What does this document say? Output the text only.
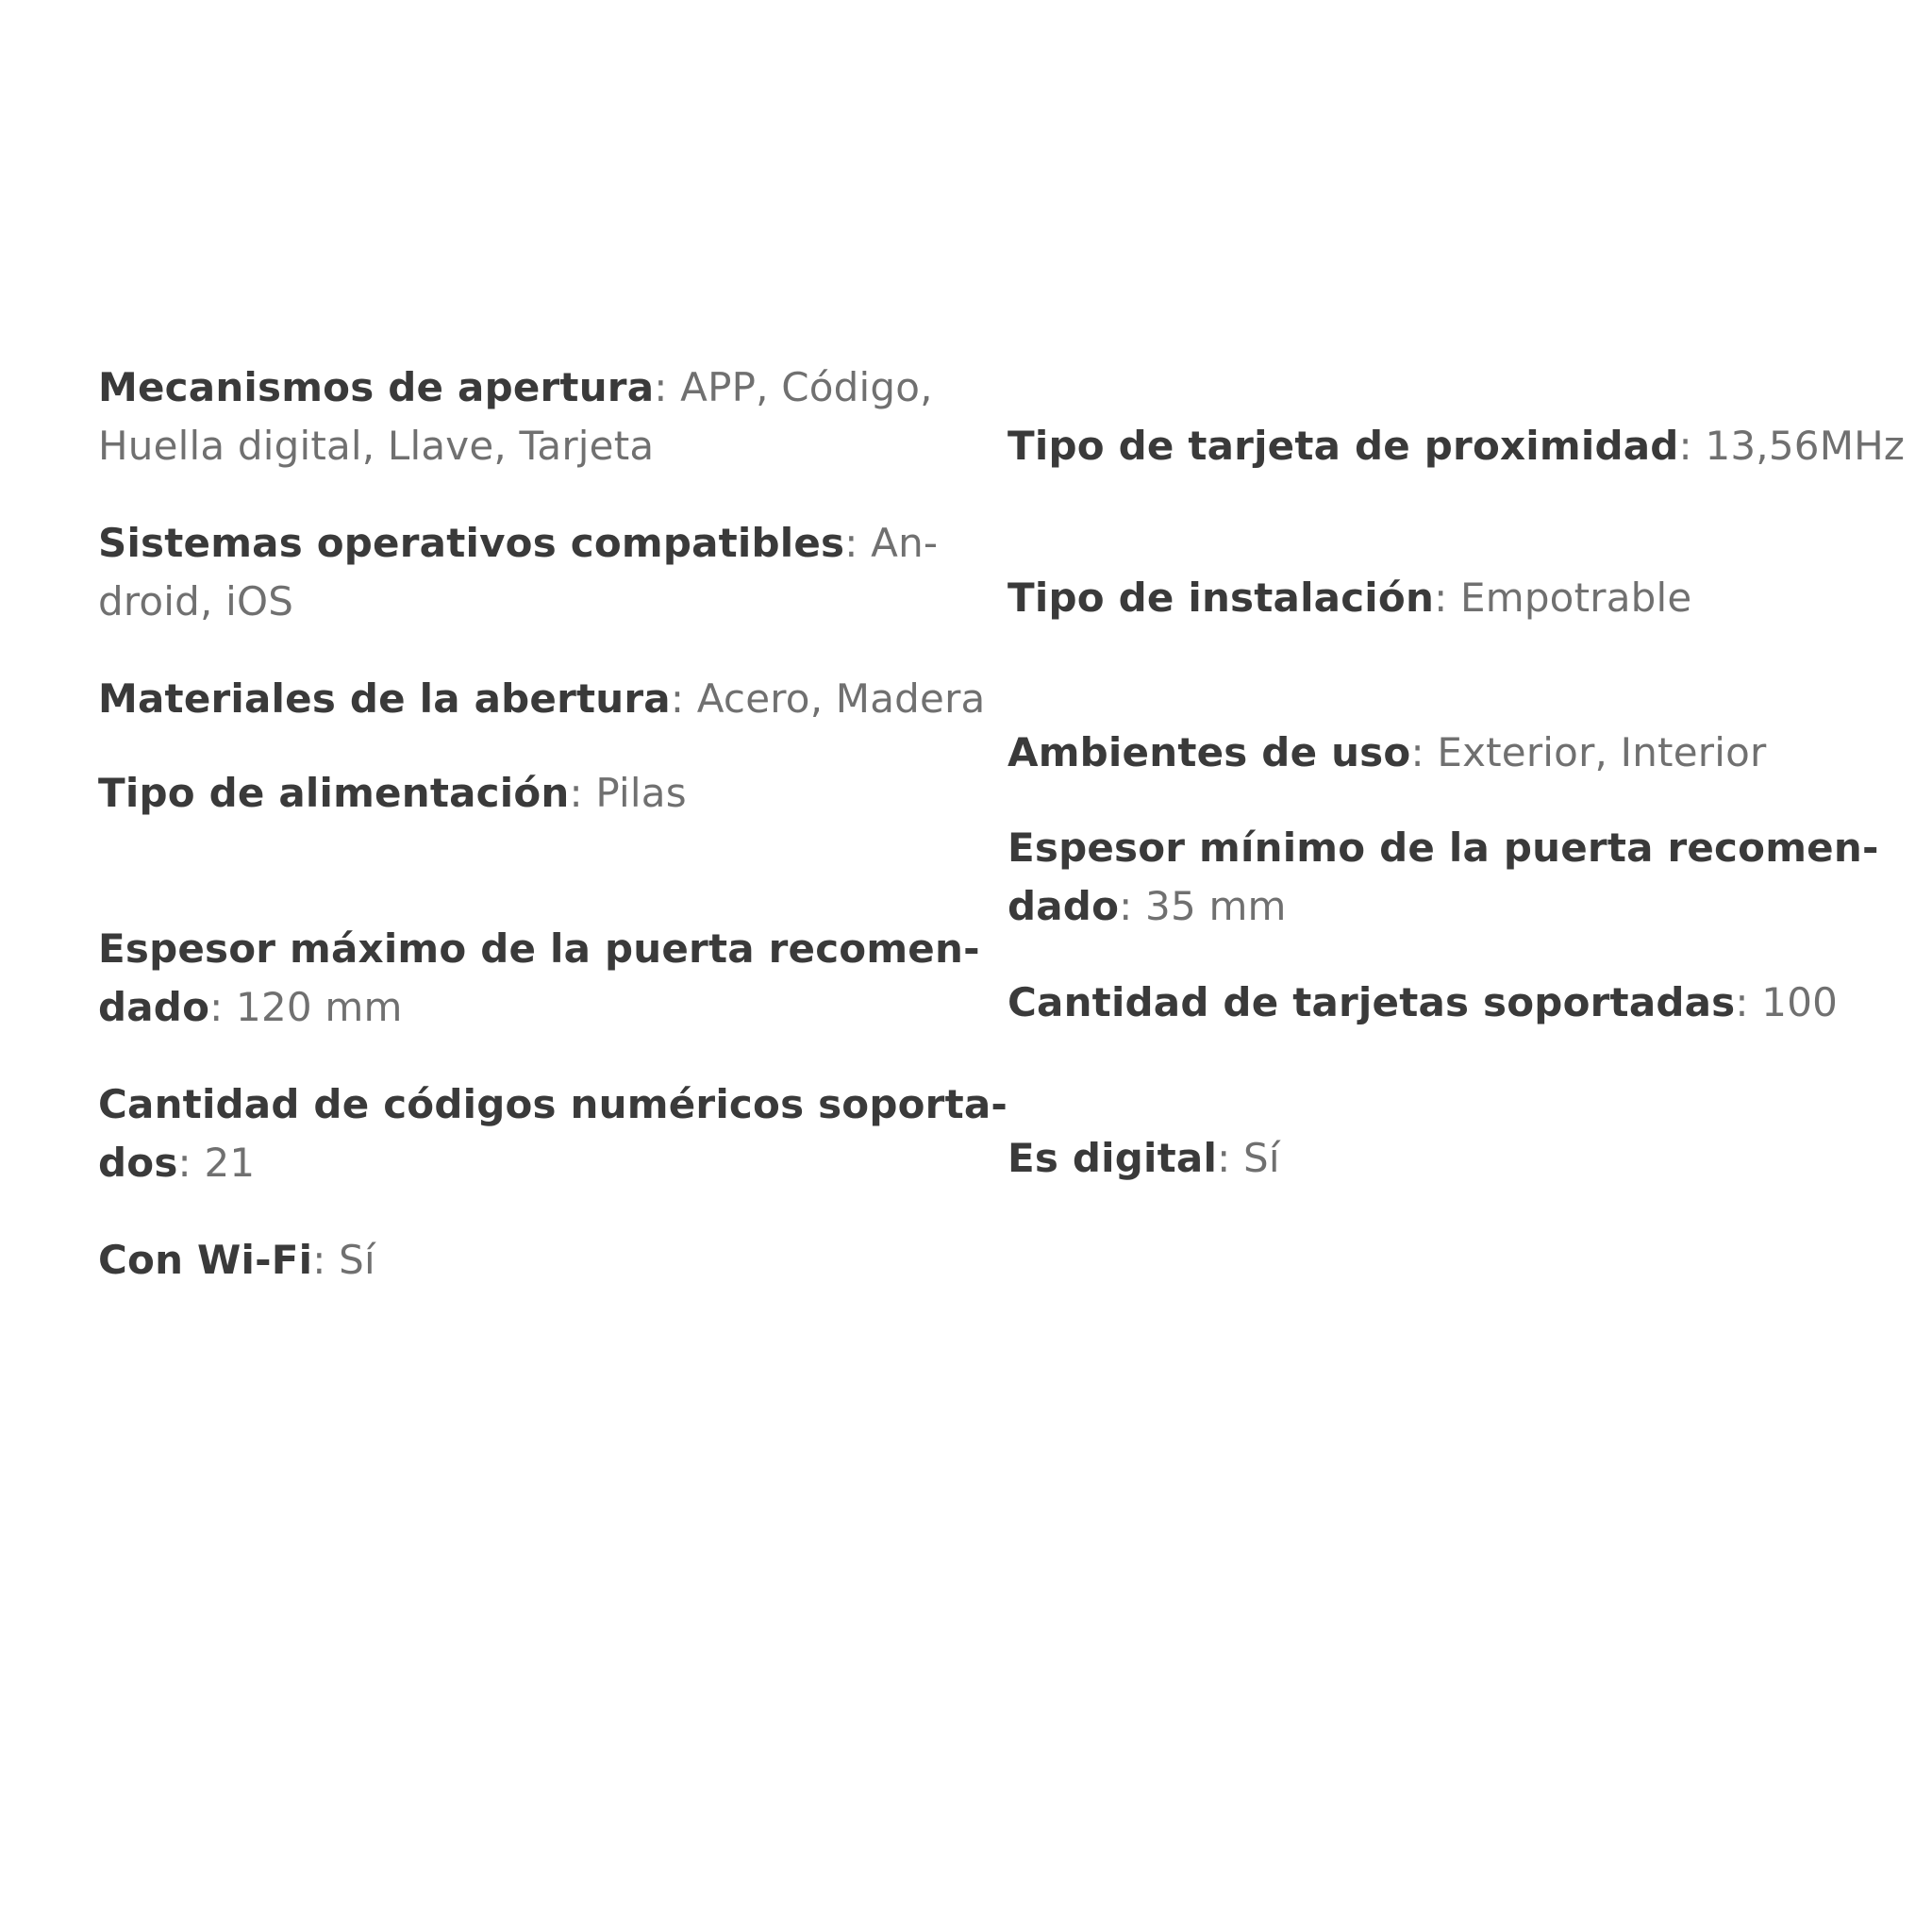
Mecanismos de apertura: APP, Código,
Huella digital, Llave, Tarjeta

Sistemas operativos compatibles: An-
droid, iOS

Materiales de la abertura: Acero, Madera

Tipo de alimentación: Pilas

Espesor máximo de la puerta recomen-
dado: 120 mm

Cantidad de códigos numéricos soporta-
dos: 21

Con Wi-Fi: Sí

Tipo de tarjeta de proximidad: 13,56MHz

Tipo de instalación: Empotrable

Ambientes de uso: Exterior, Interior

Espesor mínimo de la puerta recomen-
dado: 35 mm

Cantidad de tarjetas soportadas: 100

Es digital: Sí
